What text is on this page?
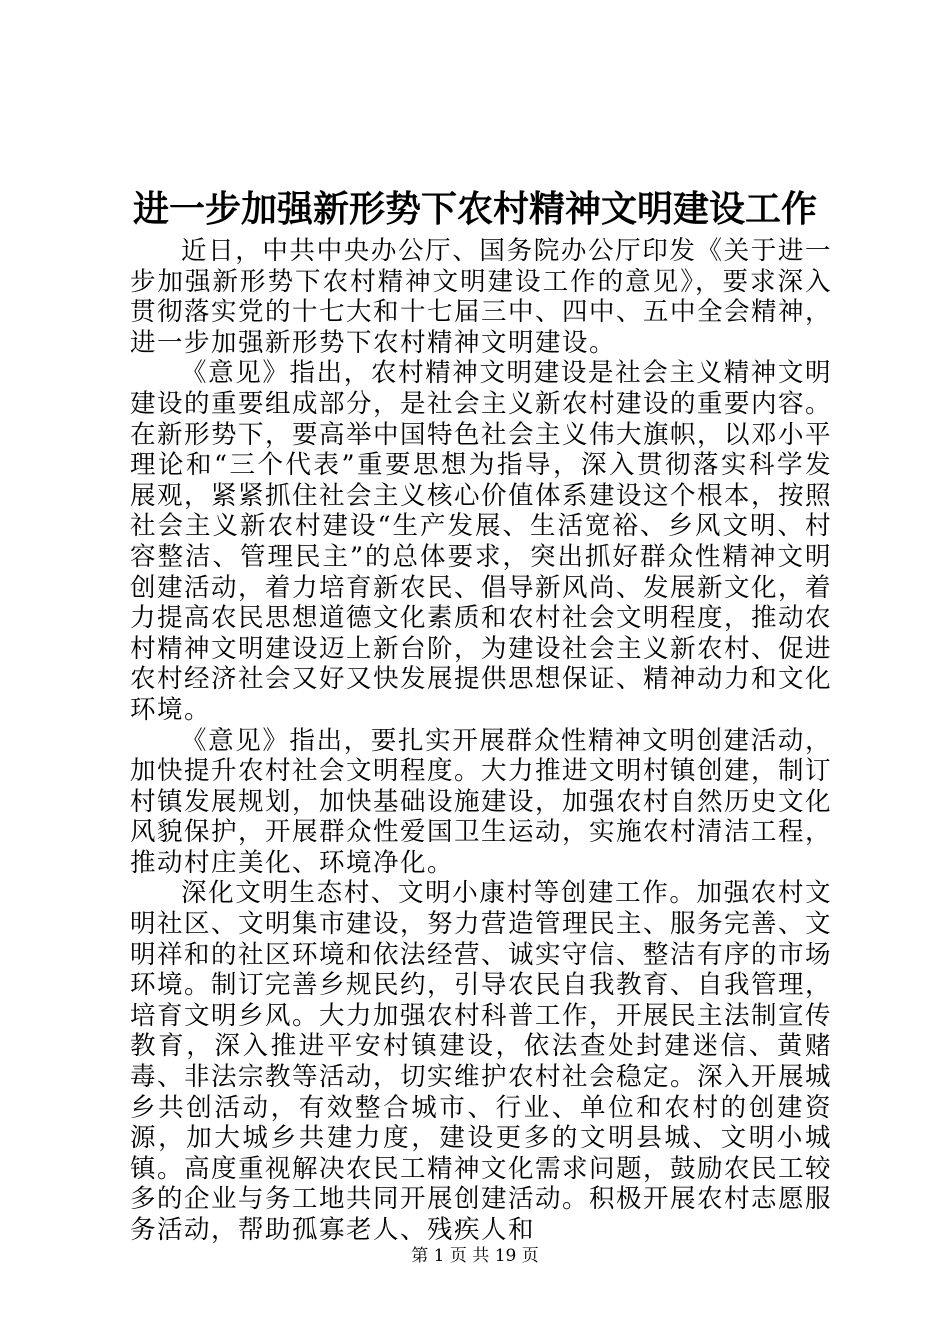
进一步加强新形势下农村精神文明建设工作

近日，中共中央办公厅、国务院办公厅印发《关于进一步加强新形势下农村精神文明建设工作的意见》，要求深入贯彻落实党的十七大和十七届三中、四中、五中全会精神，进一步加强新形势下农村精神文明建设。

《意见》指出，农村精神文明建设是社会主义精神文明建设的重要组成部分，是社会主义新农村建设的重要内容。在新形势下，要高举中国特色社会主义伟大旗帜，以邓小平理论和“三个代表”重要思想为指导，深入贯彻落实科学发展观，紧紧抓住社会主义核心价值体系建设这个根本，按照社会主义新农村建设“生产发展、生活宽裕、乡风文明、村容整洁、管理民主”的总体要求，突出抓好群众性精神文明创建活动，着力培育新农民、倡导新风尚、发展新文化，着力提高农民思想道德文化素质和农村社会文明程度，推动农村精神文明建设迈上新台阶，为建设社会主义新农村、促进农村经济社会又好又快发展提供思想保证、精神动力和文化环境。

《意见》指出，要扎实开展群众性精神文明创建活动，加快提升农村社会文明程度。大力推进文明村镇创建，制订村镇发展规划，加快基础设施建设，加强农村自然历史文化风貌保护，开展群众性爱国卫生运动，实施农村清洁工程，推动村庄美化、环境净化。

深化文明生态村、文明小康村等创建工作。加强农村文明社区、文明集市建设，努力营造管理民主、服务完善、文明祥和的社区环境和依法经营、诚实守信、整洁有序的市场环境。制订完善乡规民约，引导农民自我教育、自我管理，培育文明乡风。大力加强农村科普工作，开展民主法制宣传教育，深入推进平安村镇建设，依法查处封建迷信、黄赌毒、非法宗教等活动，切实维护农村社会稳定。深入开展城乡共创活动，有效整合城市、行业、单位和农村的创建资源，加大城乡共建力度，建设更多的文明县城、文明小城镇。高度重视解决农民工精神文化需求问题，鼓励农民工较多的企业与务工地共同开展创建活动。积极开展农村志愿服务活动，帮助孤寡老人、残疾人和

第 1 页 共 19 页
